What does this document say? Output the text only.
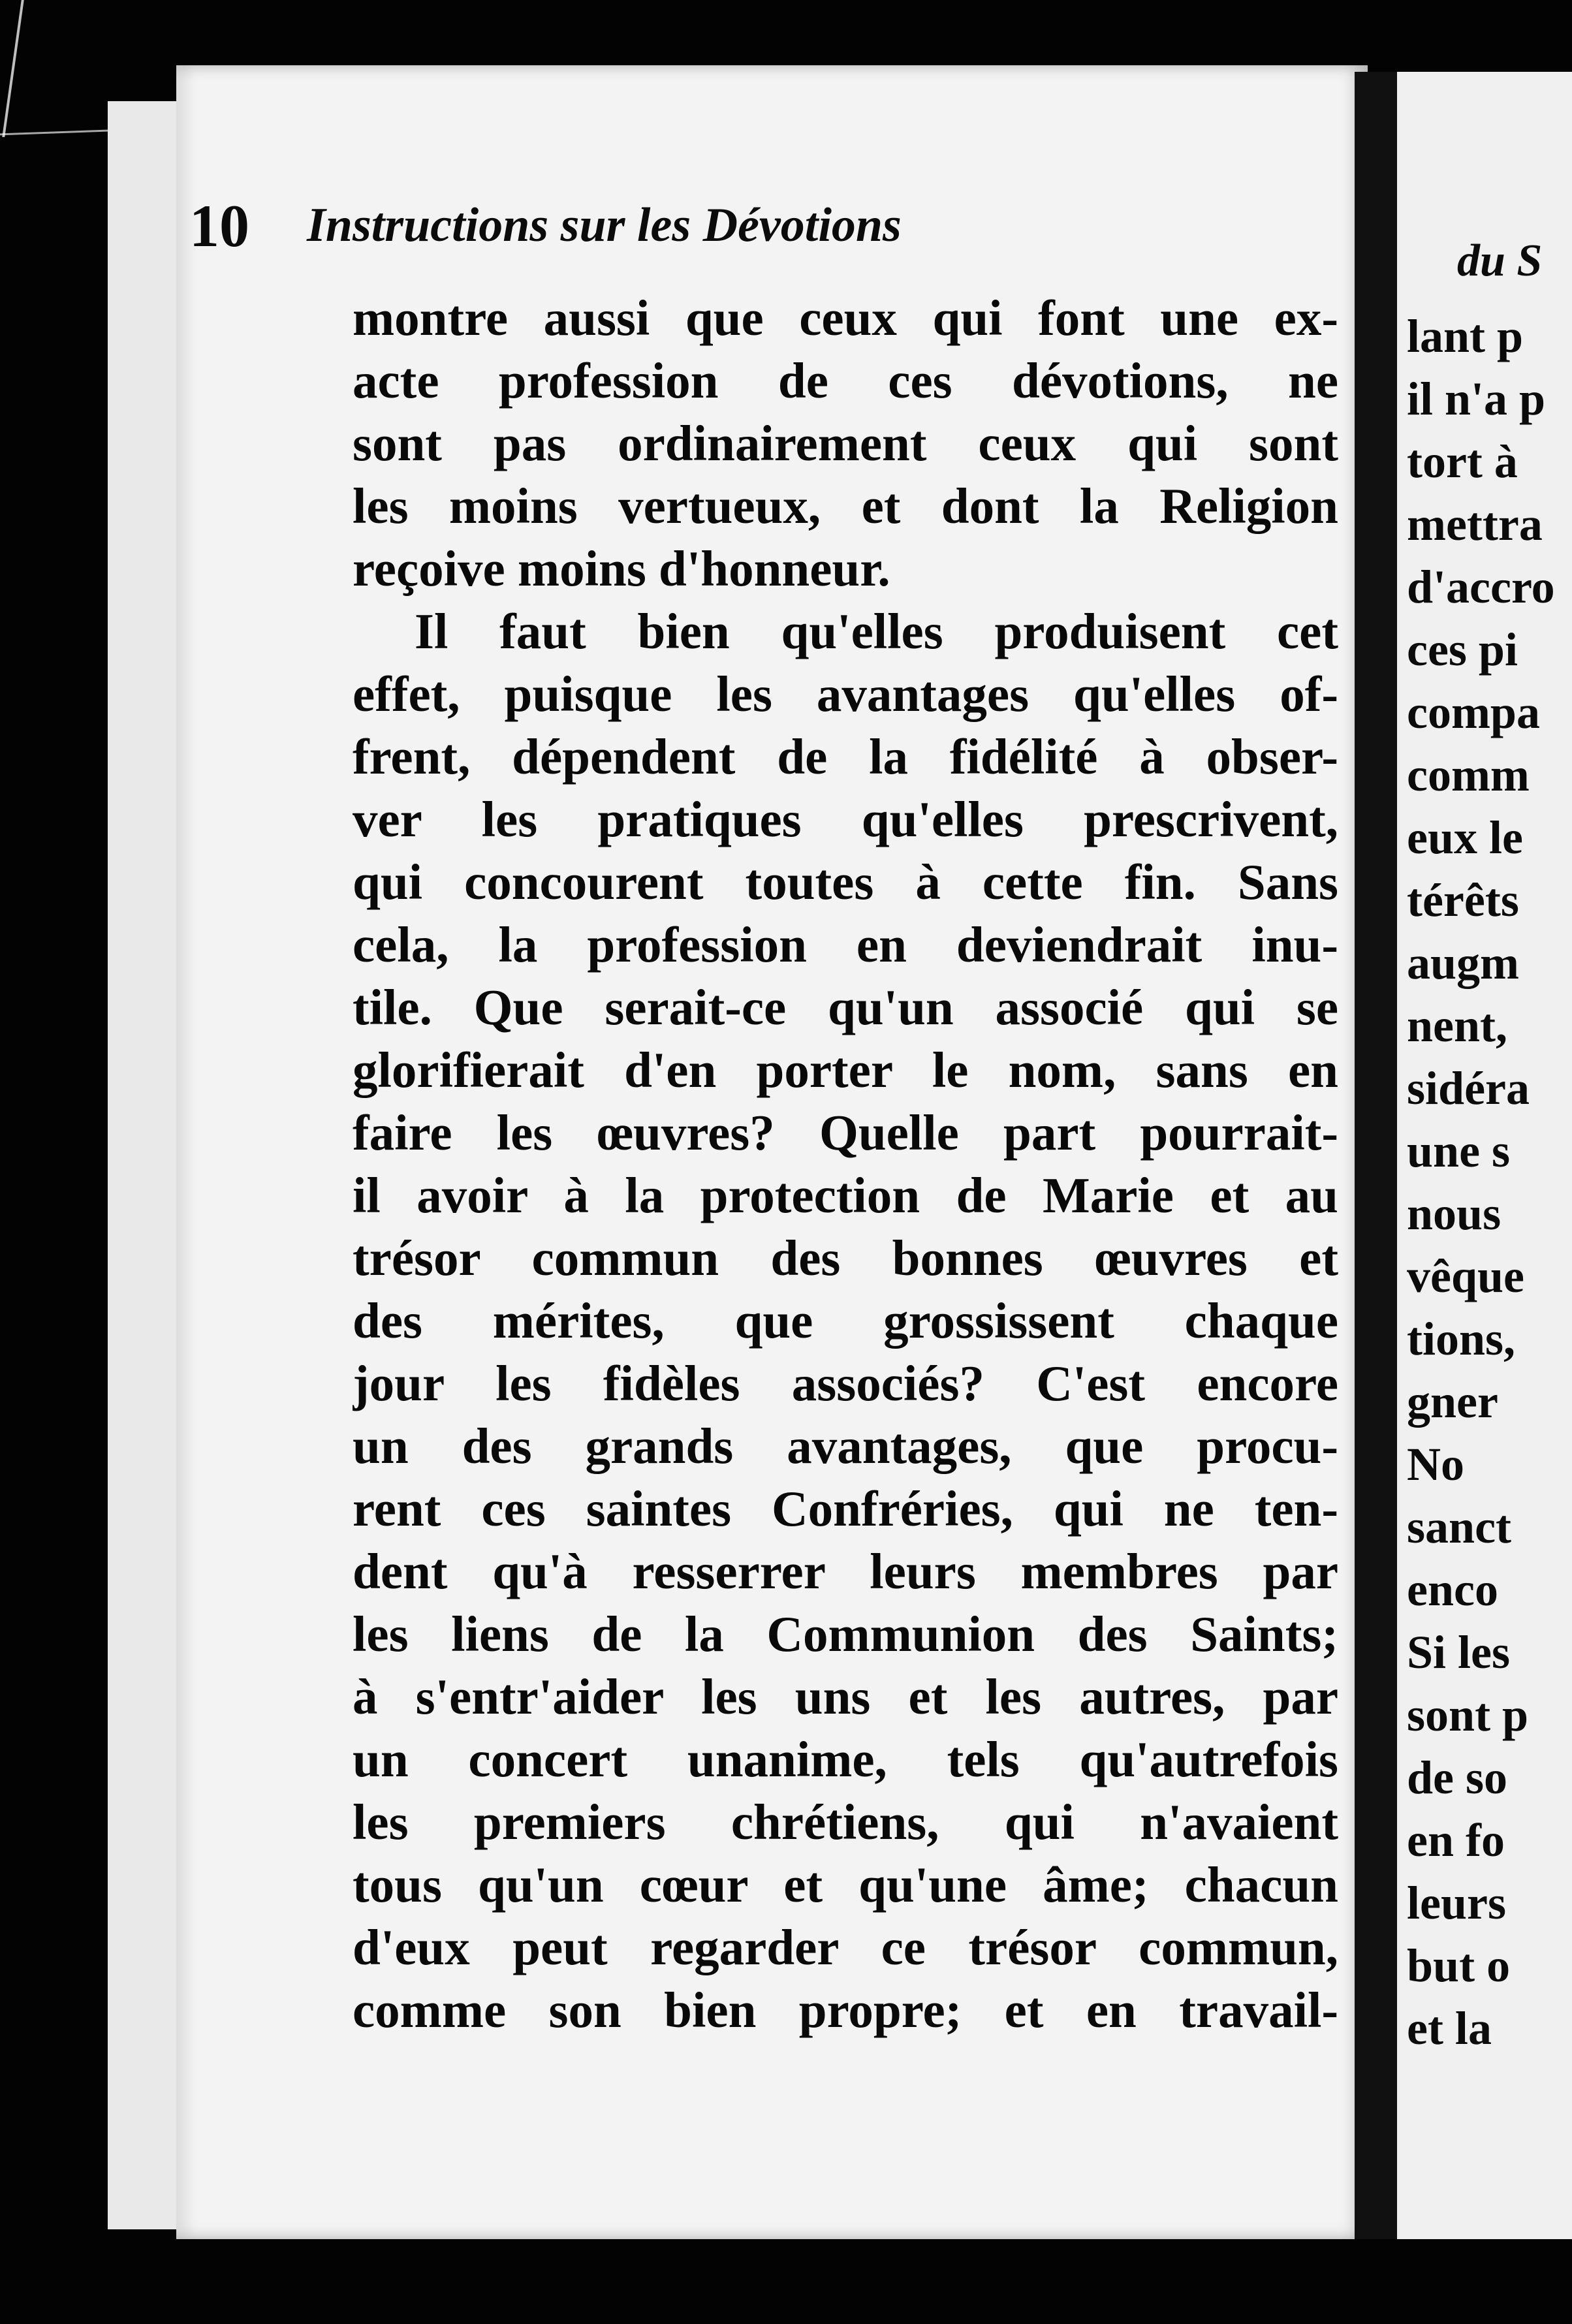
10 Instructions sur les Dévotions
montre aussi que ceux qui font une ex-
acte profession de ces dévotions, ne
sont pas ordinairement ceux qui sont
les moins vertueux, et dont la Religion
reçoive moins d'honneur.
Il faut bien qu'elles produisent cet
effet, puisque les avantages qu'elles of-
frent, dépendent de la fidélité à obser-
ver les pratiques qu'elles prescrivent,
qui concourent toutes à cette fin. Sans
cela, la profession en deviendrait inu-
tile. Que serait-ce qu'un associé qui se
glorifierait d'en porter le nom, sans en
faire les œuvres? Quelle part pourrait-
il avoir à la protection de Marie et au
trésor commun des bonnes œuvres et
des mérites, que grossissent chaque
jour les fidèles associés? C'est encore
un des grands avantages, que procu-
rent ces saintes Confréries, qui ne ten-
dent qu'à resserrer leurs membres par
les liens de la Communion des Saints;
à s'entr'aider les uns et les autres, par
un concert unanime, tels qu'autrefois
les premiers chrétiens, qui n'avaient
tous qu'un cœur et qu'une âme; chacun
d'eux peut regarder ce trésor commun,
comme son bien propre; et en travail-
du S
lant p
il n'a p
tort à
mettra
d'accro
ces pi
compa
comm
eux le
térêts
augm
nent,
sidéra
une s
nous
vêque
tions,
gner
No
sanct
enco
Si les
sont p
de so
en fo
leurs
but o
et la
